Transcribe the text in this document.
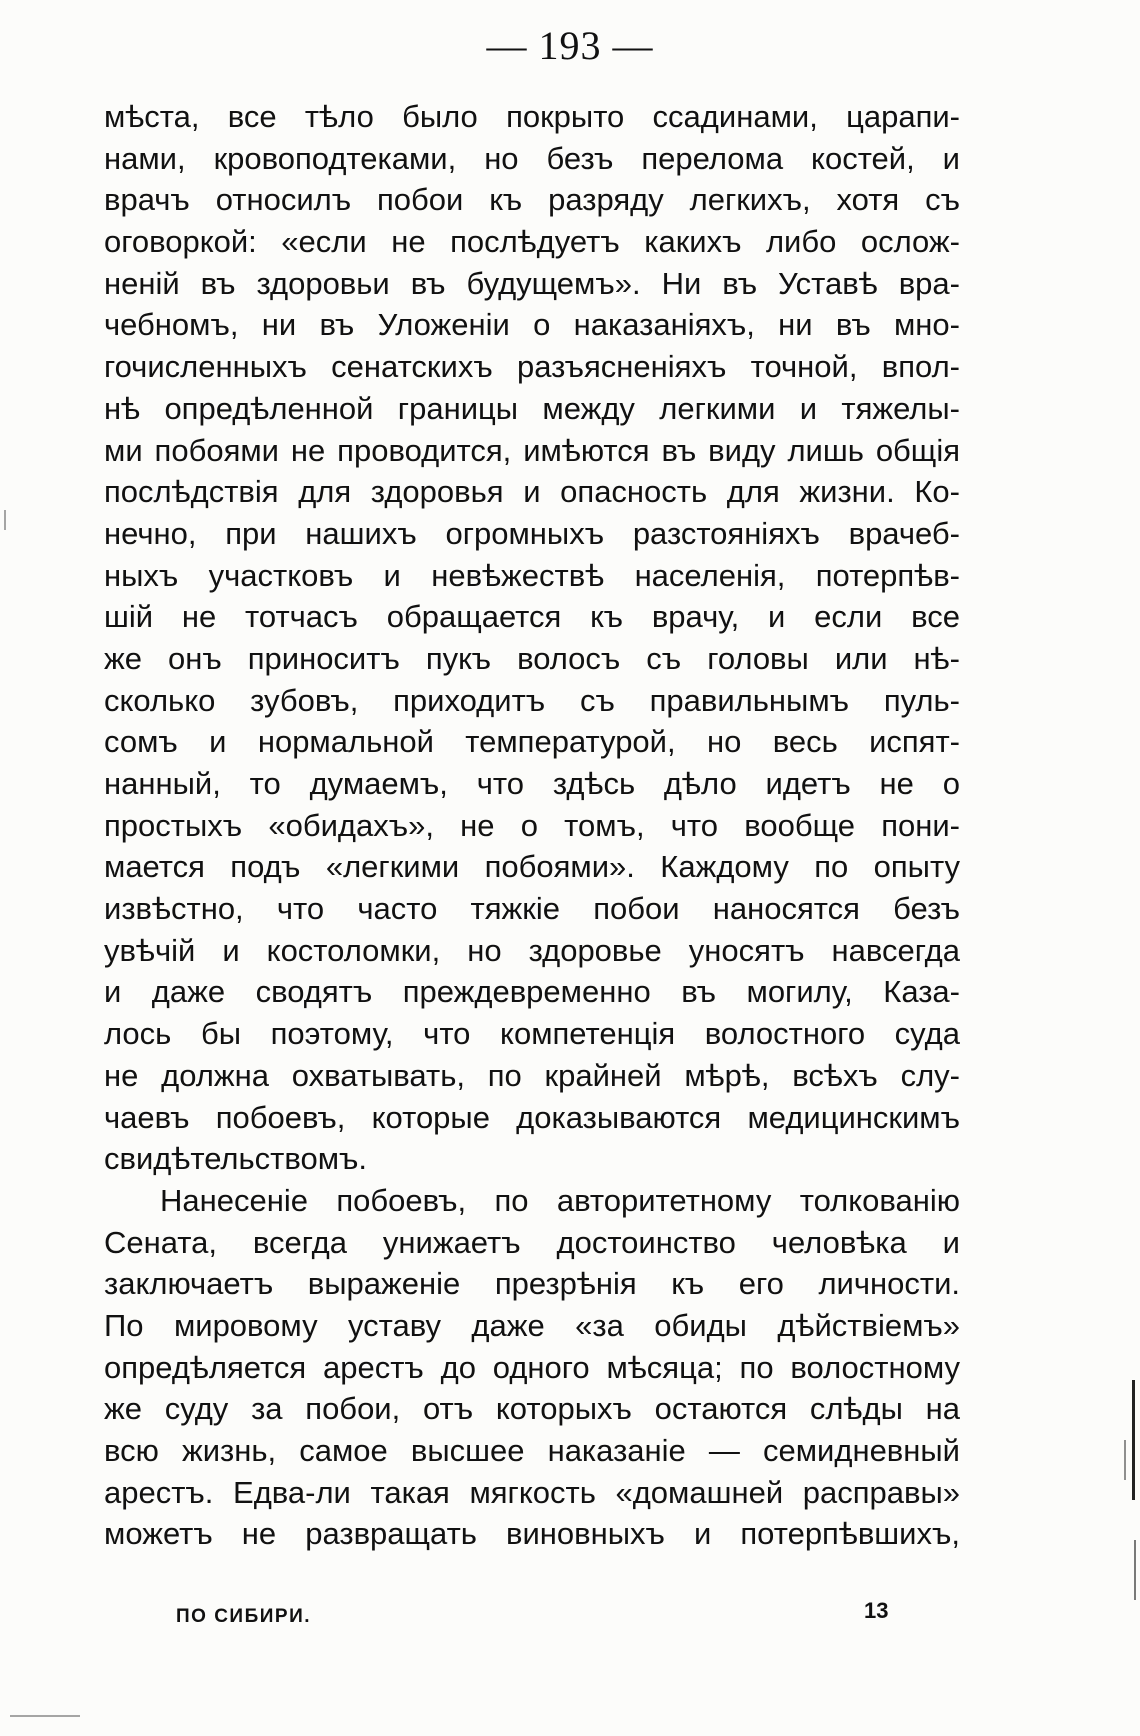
— 193 —
мѣста, все тѣло было покрыто ссадинами, царапи-
нами, кровоподтеками, но безъ перелома костей, и
врачъ относилъ побои къ разряду легкихъ, хотя съ
оговоркой: «если не послѣдуетъ какихъ либо ослож-
неній въ здоровьи въ будущемъ». Ни въ Уставѣ вра-
чебномъ, ни въ Уложеніи о наказаніяхъ, ни въ мно-
гочисленныхъ сенатскихъ разъясненіяхъ точной, впол-
нѣ опредѣленной границы между легкими и тяжелы-
ми побоями не проводится, имѣются въ виду лишь общія
послѣдствія для здоровья и опасность для жизни. Ко-
нечно, при нашихъ огромныхъ разстояніяхъ врачеб-
ныхъ участковъ и невѣжествѣ населенія, потерпѣв-
шій не тотчасъ обращается къ врачу, и если все
же онъ приноситъ пукъ волосъ съ головы или нѣ-
сколько зубовъ, приходитъ съ правильнымъ пуль-
сомъ и нормальной температурой, но весь испят-
нанный, то думаемъ, что здѣсь дѣло идетъ не о
простыхъ «обидахъ», не о томъ, что вообще пони-
мается подъ «легкими побоями». Каждому по опыту
извѣстно, что часто тяжкіе побои наносятся безъ
увѣчій и костоломки, но здоровье уносятъ навсегда
и даже сводятъ преждевременно въ могилу, Каза-
лось бы поэтому, что компетенція волостного суда
не должна охватывать, по крайней мѣрѣ, всѣхъ слу-
чаевъ побоевъ, которые доказываются медицинскимъ
свидѣтельствомъ.
Нанесеніе побоевъ, по авторитетному толкованію
Сената, всегда унижаетъ достоинство человѣка и
заключаетъ выраженіе презрѣнія къ его личности.
По мировому уставу даже «за обиды дѣйствіемъ»
опредѣляется арестъ до одного мѣсяца; по волостному
же суду за побои, отъ которыхъ остаются слѣды на
всю жизнь, самое высшее наказаніе — семидневный
арестъ. Едва-ли такая мягкость «домашней расправы»
можетъ не развращать виновныхъ и потерпѣвшихъ,
ПО СИБИРИ.	13
